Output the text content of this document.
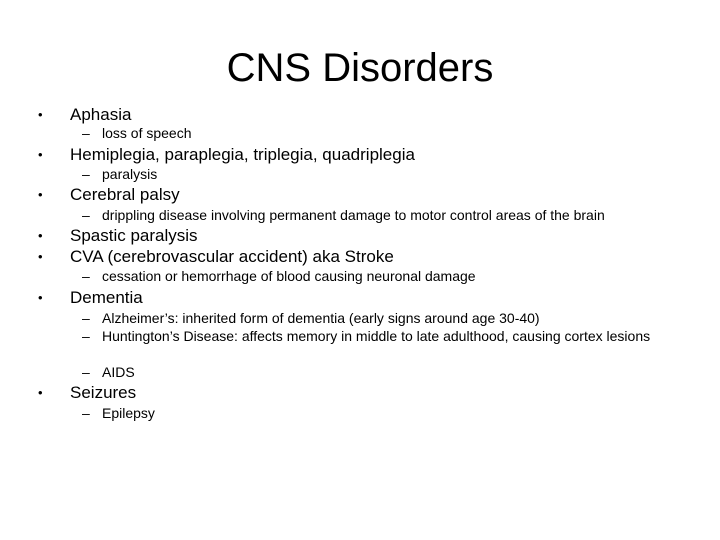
CNS Disorders
• Aphasia
– loss of speech
• Hemiplegia, paraplegia, triplegia, quadriplegia
– paralysis
• Cerebral palsy
– drippling disease involving permanent damage to motor control areas of the brain
• Spastic paralysis
• CVA (cerebrovascular accident) aka Stroke
– cessation or hemorrhage of blood causing neuronal damage
• Dementia
– Alzheimer’s: inherited form of dementia (early signs around age 30-40)
– Huntington’s Disease: affects memory in middle to late adulthood, causing cortex lesions
– AIDS
• Seizures
– Epilepsy
